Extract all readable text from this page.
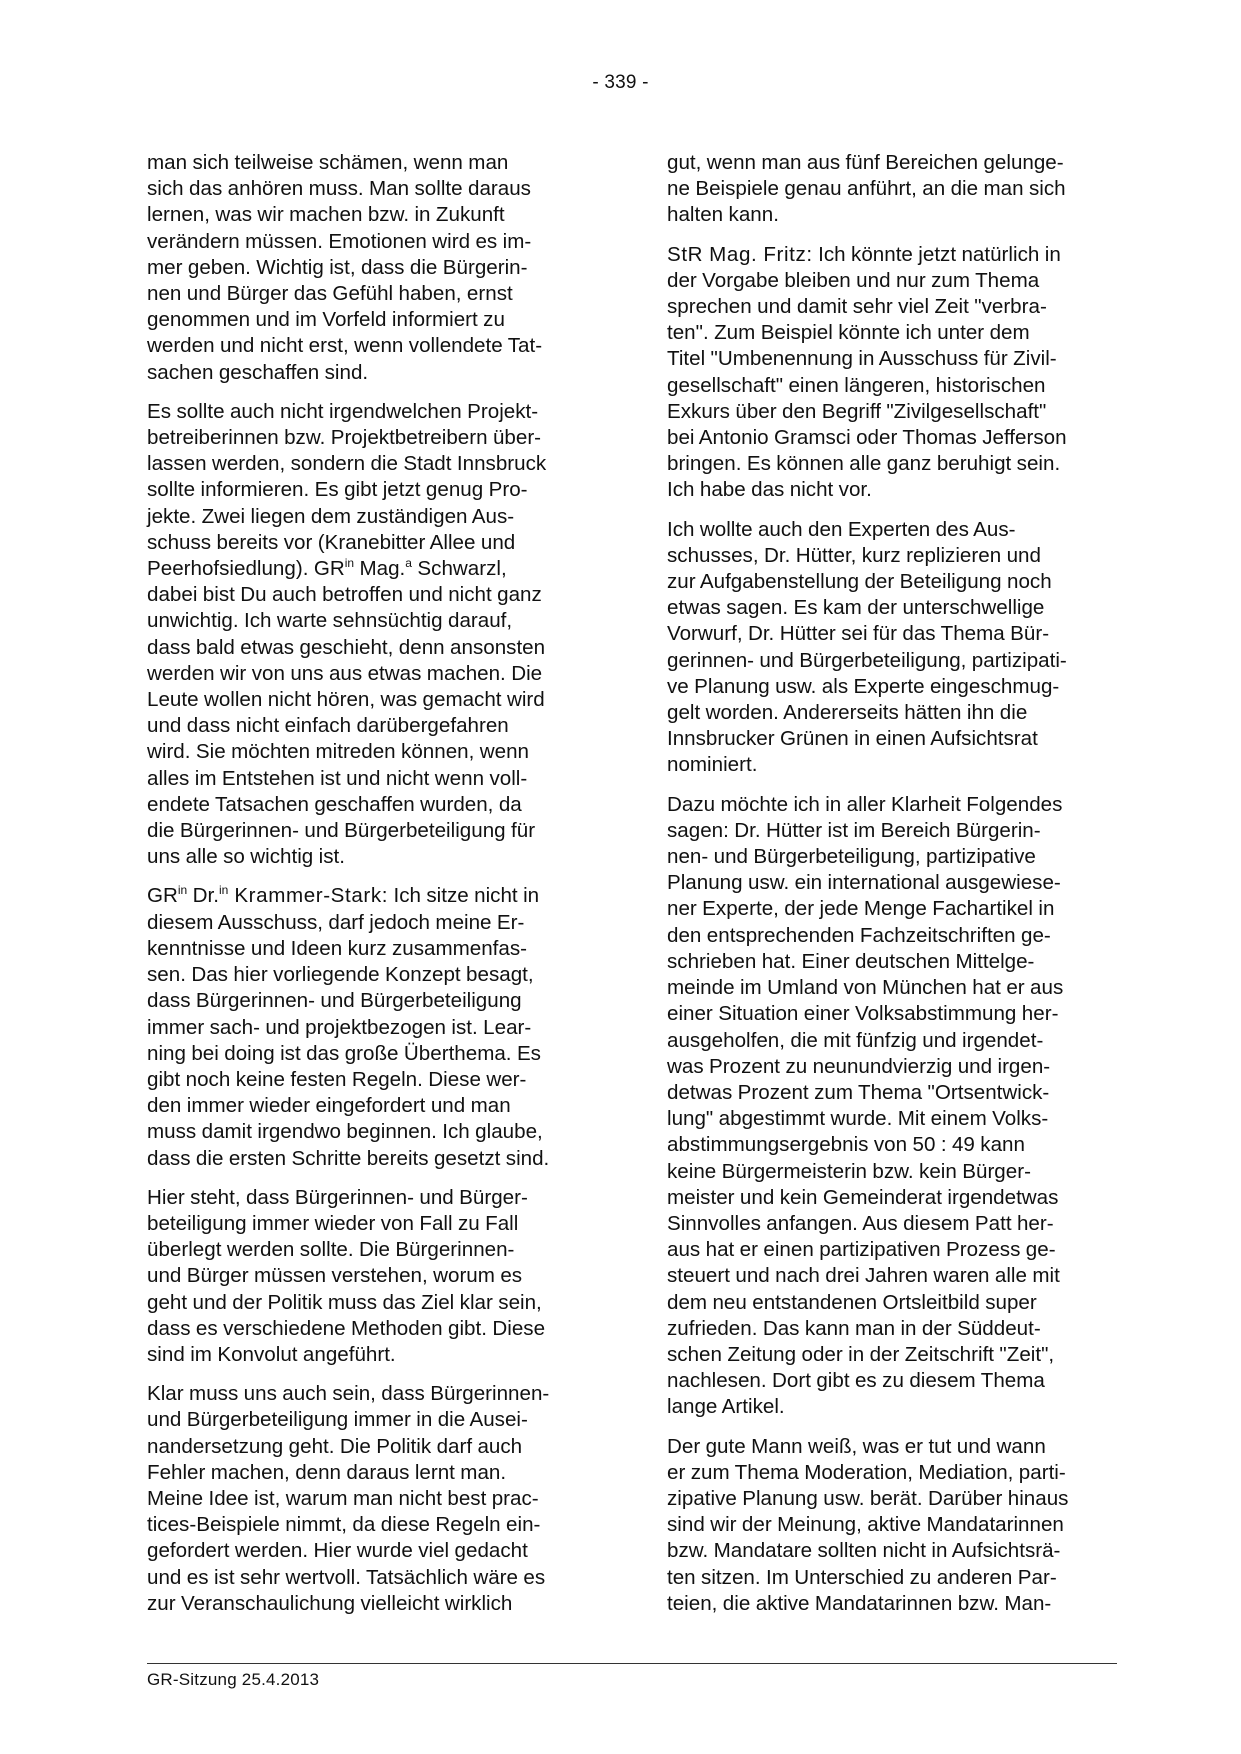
- 339 -

man sich teilweise schämen, wenn man
sich das anhören muss. Man sollte daraus
lernen, was wir machen bzw. in Zukunft
verändern müssen. Emotionen wird es im-
mer geben. Wichtig ist, dass die Bürgerin-
nen und Bürger das Gefühl haben, ernst
genommen und im Vorfeld informiert zu
werden und nicht erst, wenn vollendete Tat-
sachen geschaffen sind.

Es sollte auch nicht irgendwelchen Projekt-
betreiberinnen bzw. Projektbetreibern über-
lassen werden, sondern die Stadt Innsbruck
sollte informieren. Es gibt jetzt genug Pro-
jekte. Zwei liegen dem zuständigen Aus-
schuss bereits vor (Kranebitter Allee und
Peerhofsiedlung). $GR^{in}$ Mag.$^a$ Schwarzl,
dabei bist Du auch betroffen und nicht ganz
unwichtig. Ich warte sehnsüchtig darauf,
dass bald etwas geschieht, denn ansonsten
werden wir von uns aus etwas machen. Die
Leute wollen nicht hören, was gemacht wird
und dass nicht einfach darübergefahren
wird. Sie möchten mitreden können, wenn
alles im Entstehen ist und nicht wenn voll-
endete Tatsachen geschaffen wurden, da
die Bürgerinnen- und Bürgerbeteiligung für
uns alle so wichtig ist.

$GR^{in}$ Dr.$^{in}$ Krammer-Stark: Ich sitze nicht in
diesem Ausschuss, darf jedoch meine Er-
kenntnisse und Ideen kurz zusammenfas-
sen. Das hier vorliegende Konzept besagt,
dass Bürgerinnen- und Bürgerbeteiligung
immer sach- und projektbezogen ist. Lear-
ning bei doing ist das große Überthema. Es
gibt noch keine festen Regeln. Diese wer-
den immer wieder eingefordert und man
muss damit irgendwo beginnen. Ich glaube,
dass die ersten Schritte bereits gesetzt sind.

Hier steht, dass Bürgerinnen- und Bürger-
beteiligung immer wieder von Fall zu Fall
überlegt werden sollte. Die Bürgerinnen-
und Bürger müssen verstehen, worum es
geht und der Politik muss das Ziel klar sein,
dass es verschiedene Methoden gibt. Diese
sind im Konvolut angeführt.

Klar muss uns auch sein, dass Bürgerinnen-
und Bürgerbeteiligung immer in die Ausei-
nandersetzung geht. Die Politik darf auch
Fehler machen, denn daraus lernt man.
Meine Idee ist, warum man nicht best prac-
tices-Beispiele nimmt, da diese Regeln ein-
gefordert werden. Hier wurde viel gedacht
und es ist sehr wertvoll. Tatsächlich wäre es
zur Veranschaulichung vielleicht wirklich

gut, wenn man aus fünf Bereichen gelunge-
ne Beispiele genau anführt, an die man sich
halten kann.

StR Mag. Fritz: Ich könnte jetzt natürlich in
der Vorgabe bleiben und nur zum Thema
sprechen und damit sehr viel Zeit "verbra-
ten". Zum Beispiel könnte ich unter dem
Titel "Umbenennung in Ausschuss für Zivil-
gesellschaft" einen längeren, historischen
Exkurs über den Begriff "Zivilgesellschaft"
bei Antonio Gramsci oder Thomas Jefferson
bringen. Es können alle ganz beruhigt sein.
Ich habe das nicht vor.

Ich wollte auch den Experten des Aus-
schusses, Dr. Hütter, kurz replizieren und
zur Aufgabenstellung der Beteiligung noch
etwas sagen. Es kam der unterschwellige
Vorwurf, Dr. Hütter sei für das Thema Bür-
gerinnen- und Bürgerbeteiligung, partizipati-
ve Planung usw. als Experte eingeschmug-
gelt worden. Andererseits hätten ihn die
Innsbrucker Grünen in einen Aufsichtsrat
nominiert.

Dazu möchte ich in aller Klarheit Folgendes
sagen: Dr. Hütter ist im Bereich Bürgerin-
nen- und Bürgerbeteiligung, partizipative
Planung usw. ein international ausgewiese-
ner Experte, der jede Menge Fachartikel in
den entsprechenden Fachzeitschriften ge-
schrieben hat. Einer deutschen Mittelge-
meinde im Umland von München hat er aus
einer Situation einer Volksabstimmung her-
ausgeholfen, die mit fünfzig und irgendet-
was Prozent zu neunundvierzig und irgen-
detwas Prozent zum Thema "Ortsentwick-
lung" abgestimmt wurde. Mit einem Volks-
abstimmungsergebnis von 50 : 49 kann
keine Bürgermeisterin bzw. kein Bürger-
meister und kein Gemeinderat irgendetwas
Sinnvolles anfangen. Aus diesem Patt her-
aus hat er einen partizipativen Prozess ge-
steuert und nach drei Jahren waren alle mit
dem neu entstandenen Ortsleitbild super
zufrieden. Das kann man in der Süddeut-
schen Zeitung oder in der Zeitschrift "Zeit",
nachlesen. Dort gibt es zu diesem Thema
lange Artikel.

Der gute Mann weiß, was er tut und wann
er zum Thema Moderation, Mediation, parti-
zipative Planung usw. berät. Darüber hinaus
sind wir der Meinung, aktive Mandatarinnen
bzw. Mandatare sollten nicht in Aufsichtsrä-
ten sitzen. Im Unterschied zu anderen Par-
teien, die aktive Mandatarinnen bzw. Man-

GR-Sitzung 25.4.2013
